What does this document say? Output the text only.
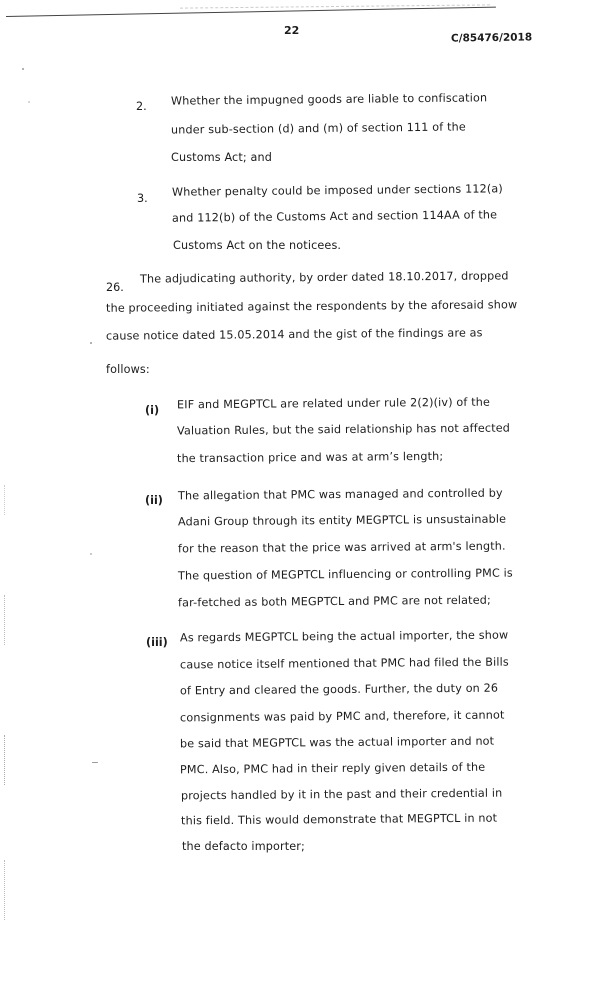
22
C/85476/2018
2. Whether the impugned goods are liable to confiscation
under sub-section (d) and (m) of section 111 of the
Customs Act; and
3. Whether penalty could be imposed under sections 112(a)
and 112(b) of the Customs Act and section 114AA of the
Customs Act on the noticees.
26.
The adjudicating authority, by order dated 18.10.2017, dropped
the proceeding initiated against the respondents by the aforesaid show
cause notice dated 15.05.2014 and the gist of the findings are as
follows:
(i) EIF and MEGPTCL are related under rule 2(2)(iv) of the
Valuation Rules, but the said relationship has not affected
the transaction price and was at arm’s length;
(ii) The allegation that PMC was managed and controlled by
Adani Group through its entity MEGPTCL is unsustainable
for the reason that the price was arrived at arm's length.
The question of MEGPTCL influencing or controlling PMC is
far-fetched as both MEGPTCL and PMC are not related;
(iii) As regards MEGPTCL being the actual importer, the show
cause notice itself mentioned that PMC had filed the Bills
of Entry and cleared the goods. Further, the duty on 26
consignments was paid by PMC and, therefore, it cannot
be said that MEGPTCL was the actual importer and not
PMC. Also, PMC had in their reply given details of the
projects handled by it in the past and their credential in
this field. This would demonstrate that MEGPTCL in not
the defacto importer;
